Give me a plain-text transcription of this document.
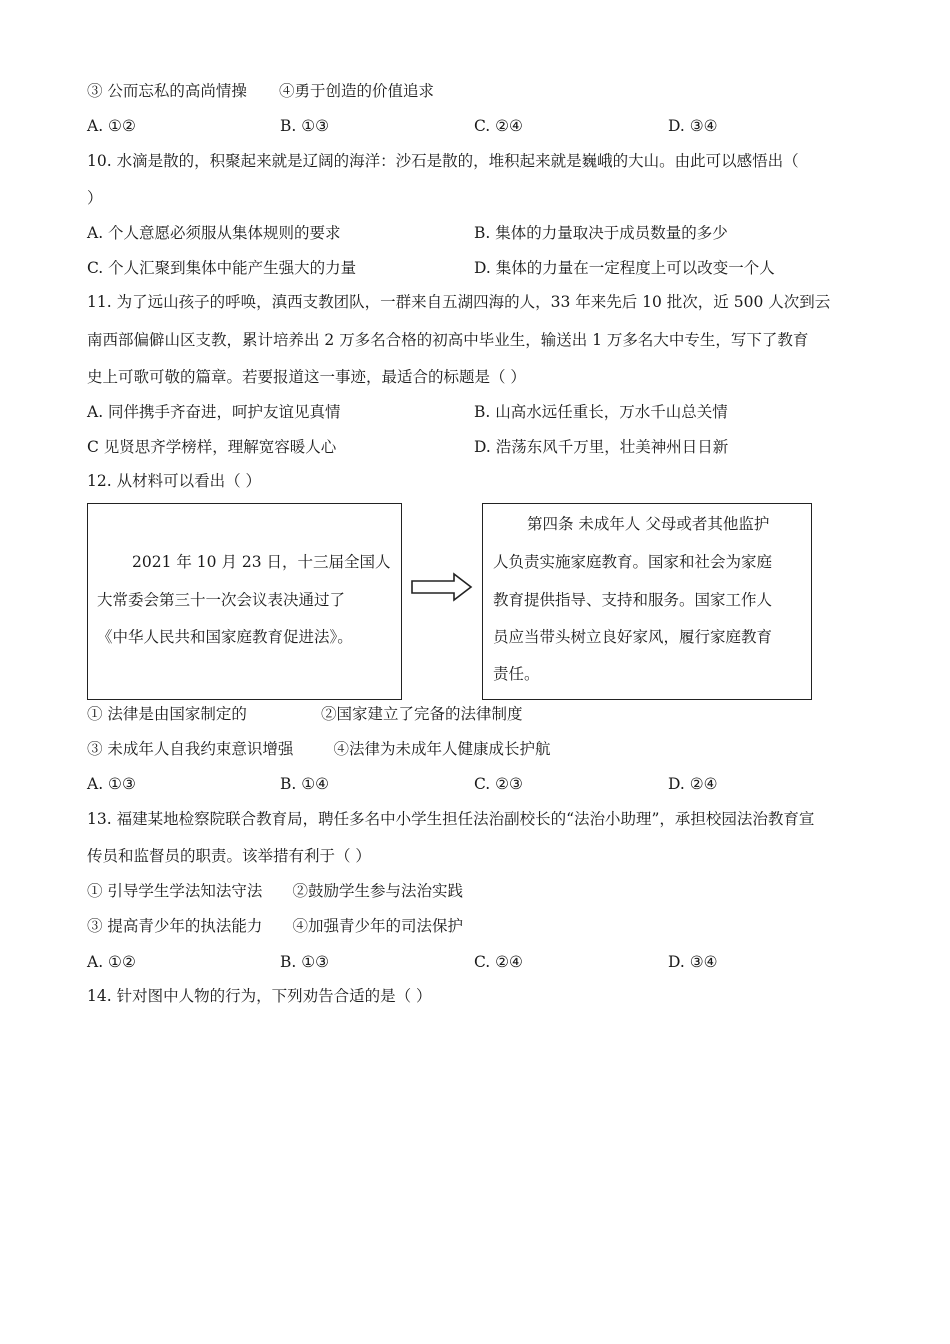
③ 公而忘私的高尚情操 ④勇于创造的价值追求
A. ①②	B. ①③	C. ②④	D. ③④
10. 水滴是散的，积聚起来就是辽阔的海洋：沙石是散的，堆积起来就是巍峨的大山。由此可以感悟出（
）
A. 个人意愿必须服从集体规则的要求	B. 集体的力量取决于成员数量的多少
C. 个人汇聚到集体中能产生强大的力量	D. 集体的力量在一定程度上可以改变一个人
11. 为了远山孩子的呼唤，滇西支教团队，一群来自五湖四海的人，33 年来先后 10 批次，近 500 人次到云
南西部偏僻山区支教，累计培养出 2 万多名合格的初高中毕业生，输送出 1 万多名大中专生，写下了教育
史上可歌可敬的篇章。若要报道这一事迹，最适合的标题是（ ）
A. 同伴携手齐奋进，呵护友谊见真情	B. 山高水远任重长，万水千山总关情
C 见贤思齐学榜样，理解宽容暖人心	D. 浩荡东风千万里，壮美神州日日新
12. 从材料可以看出（ ）

2021 年 10 月 23 日，十三届全国人

大常委会第三十一次会议表决通过了

《中华人民共和国家庭教育促进法》。

第四条 未成年人 父母或者其他监护

人负责实施家庭教育。国家和社会为家庭

教育提供指导、支持和服务。国家工作人

员应当带头树立良好家风，履行家庭教育

责任。

① 法律是由国家制定的	②国家建立了完备的法律制度
③ 未成年人自我约束意识增强	④法律为未成年人健康成长护航
A. ①③	B. ①④	C. ②③	D. ②④
13. 福建某地检察院联合教育局，聘任多名中小学生担任法治副校长的“法治小助理”，承担校园法治教育宣
传员和监督员的职责。该举措有利于（ ）
① 引导学生学法知法守法 ②鼓励学生参与法治实践
③ 提高青少年的执法能力 ④加强青少年的司法保护
A. ①②	B. ①③	C. ②④	D. ③④
14. 针对图中人物的行为，下列劝告合适的是（ ）
